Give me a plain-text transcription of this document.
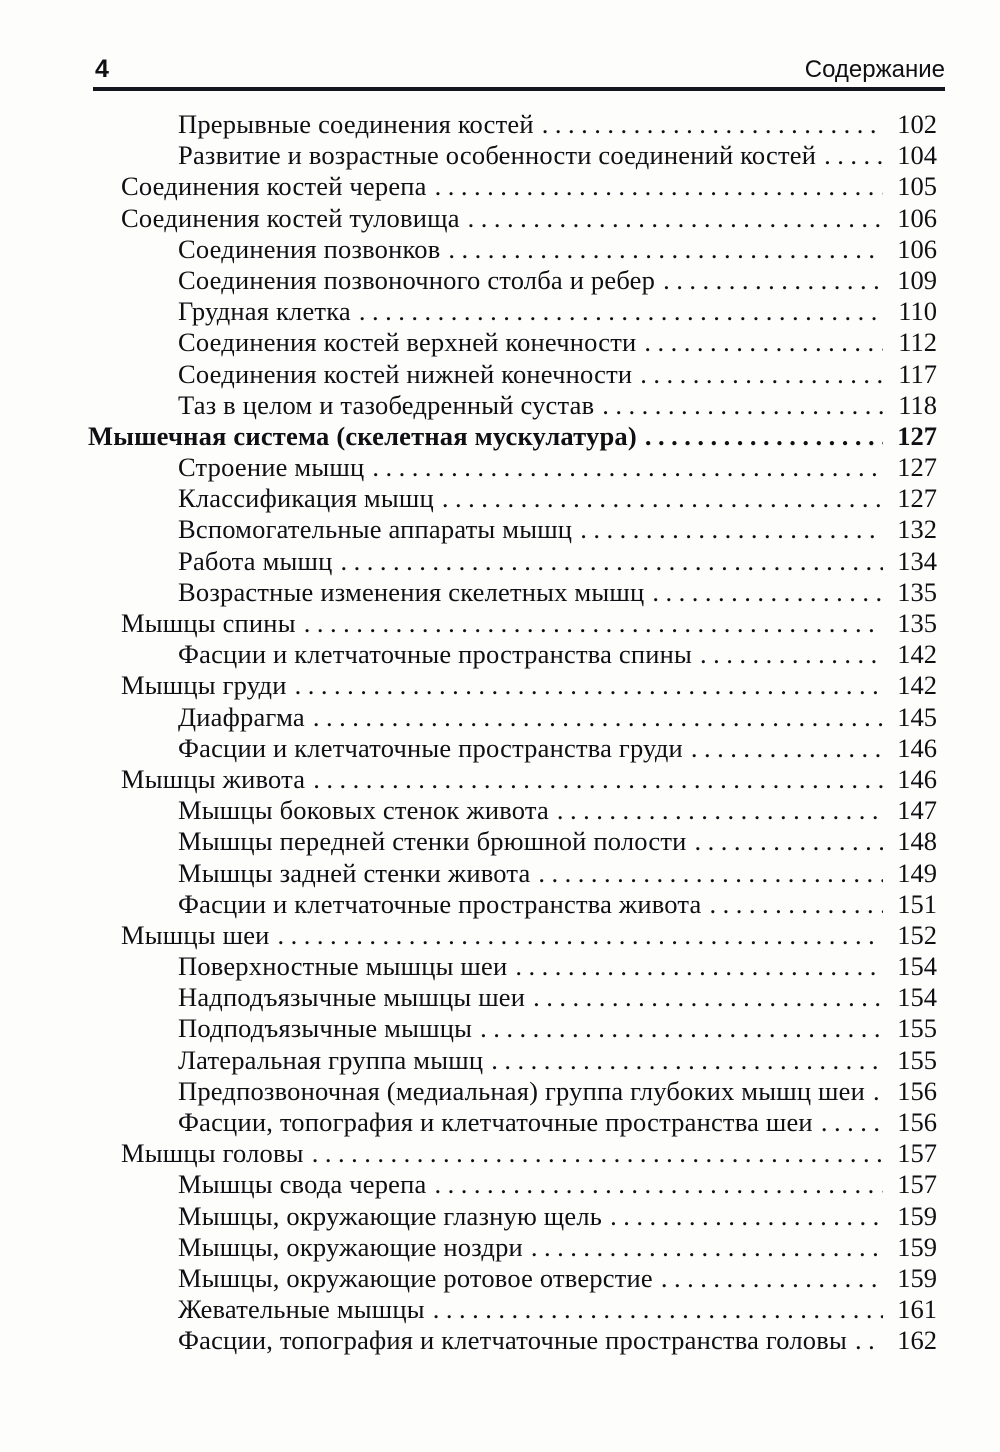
4	Содержание
Прерывные соединения костей .....	102
Развитие и возрастные особенности соединений костей .....	104
Соединения костей черепа .....	105
Соединения костей туловища .....	106
Соединения позвонков .....	106
Соединения позвоночного столба и ребер .....	109
Грудная клетка .....	110
Соединения костей верхней конечности .....	112
Соединения костей нижней конечности .....	117
Таз в целом и тазобедренный сустав .....	118
Мышечная система (скелетная мускулатура) .....	127
Строение мышц .....	127
Классификация мышц .....	127
Вспомогательные аппараты мышц .....	132
Работа мышц .....	134
Возрастные изменения скелетных мышц .....	135
Мышцы спины .....	135
Фасции и клетчаточные пространства спины .....	142
Мышцы груди .....	142
Диафрагма .....	145
Фасции и клетчаточные пространства груди .....	146
Мышцы живота .....	146
Мышцы боковых стенок живота .....	147
Мышцы передней стенки брюшной полости .....	148
Мышцы задней стенки живота .....	149
Фасции и клетчаточные пространства живота .....	151
Мышцы шеи .....	152
Поверхностные мышцы шеи .....	154
Надподъязычные мышцы шеи .....	154
Подподъязычные мышцы .....	155
Латеральная группа мышц .....	155
Предпозвоночная (медиальная) группа глубоких мышц шеи .....	156
Фасции, топография и клетчаточные пространства шеи .....	156
Мышцы головы .....	157
Мышцы свода черепа .....	157
Мышцы, окружающие глазную щель .....	159
Мышцы, окружающие ноздри .....	159
Мышцы, окружающие ротовое отверстие .....	159
Жевательные мышцы .....	161
Фасции, топография и клетчаточные пространства головы .....	162
